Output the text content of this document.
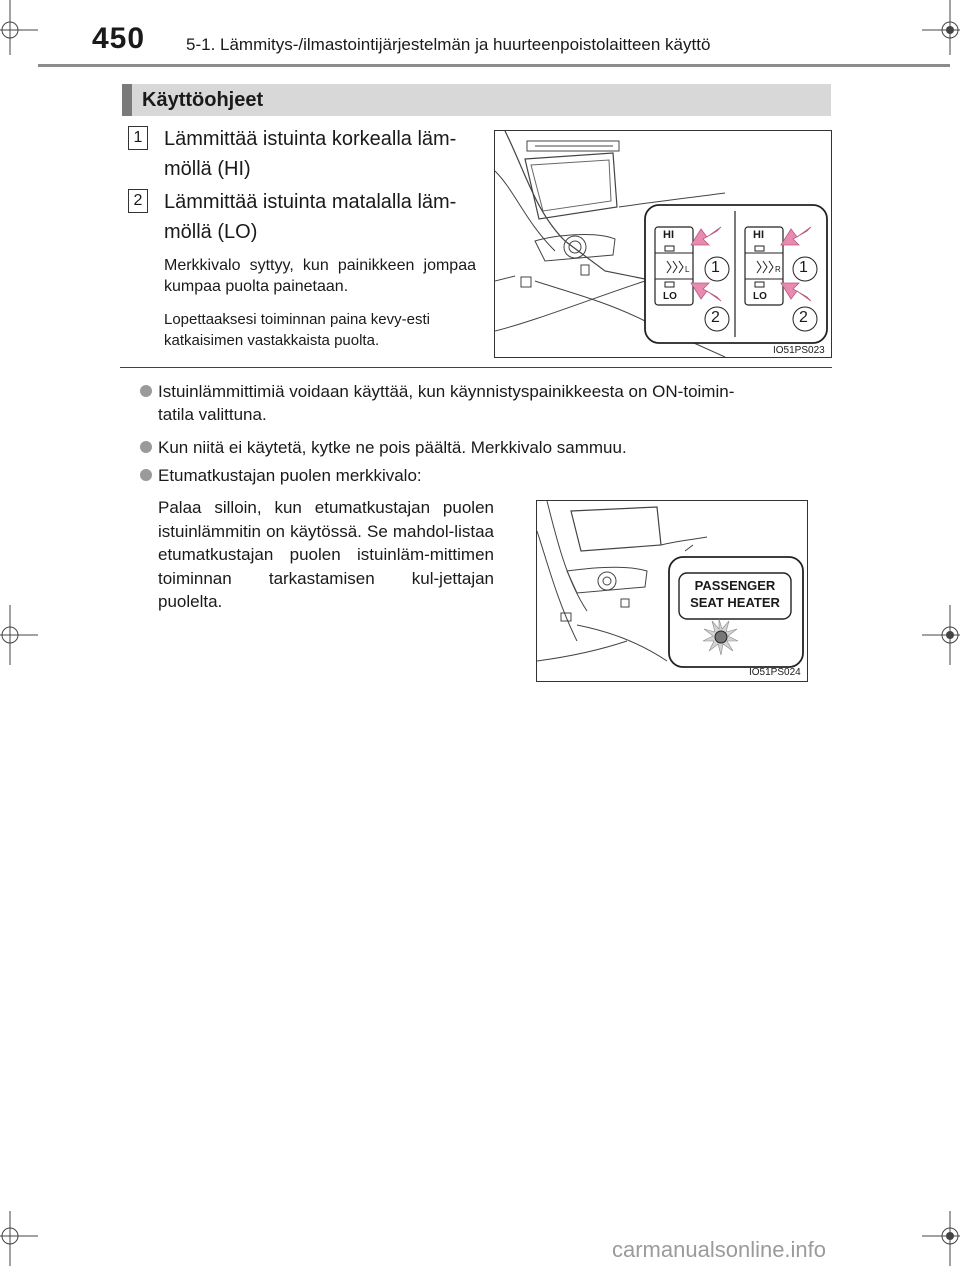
450 5-1. Lämmitys-/ilmastointijärjestelmän ja huurteenpoistolaitteen käyttö
Käyttöohjeet
1 Lämmittää istuinta korkealla läm-
möllä (HI)
2 Lämmittää istuinta matalalla läm-
möllä (LO)
Merkkivalo syttyy, kun painikkeen jompaa kumpaa puolta painetaan.
Lopettaaksesi toiminnan paina kevy-esti katkaisimen vastakkaista puolta.
HI
LO
L
HI
LO
R
1
2
1
2
IO51PS023
Istuinlämmittimiä voidaan käyttää, kun käynnistyspainikkeesta on ON-toimin-
tatila valittuna.
Kun niitä ei käytetä, kytke ne pois päältä. Merkkivalo sammuu.
Etumatkustajan puolen merkkivalo:
Palaa silloin, kun etumatkustajan puolen istuinlämmitin on käytössä. Se mahdol-listaa etumatkustajan puolen istuinläm-mittimen toiminnan tarkastamisen kul-jettajan puolelta.
PASSENGER
SEAT HEATER
IO51PS024
carmanualsonline.info
